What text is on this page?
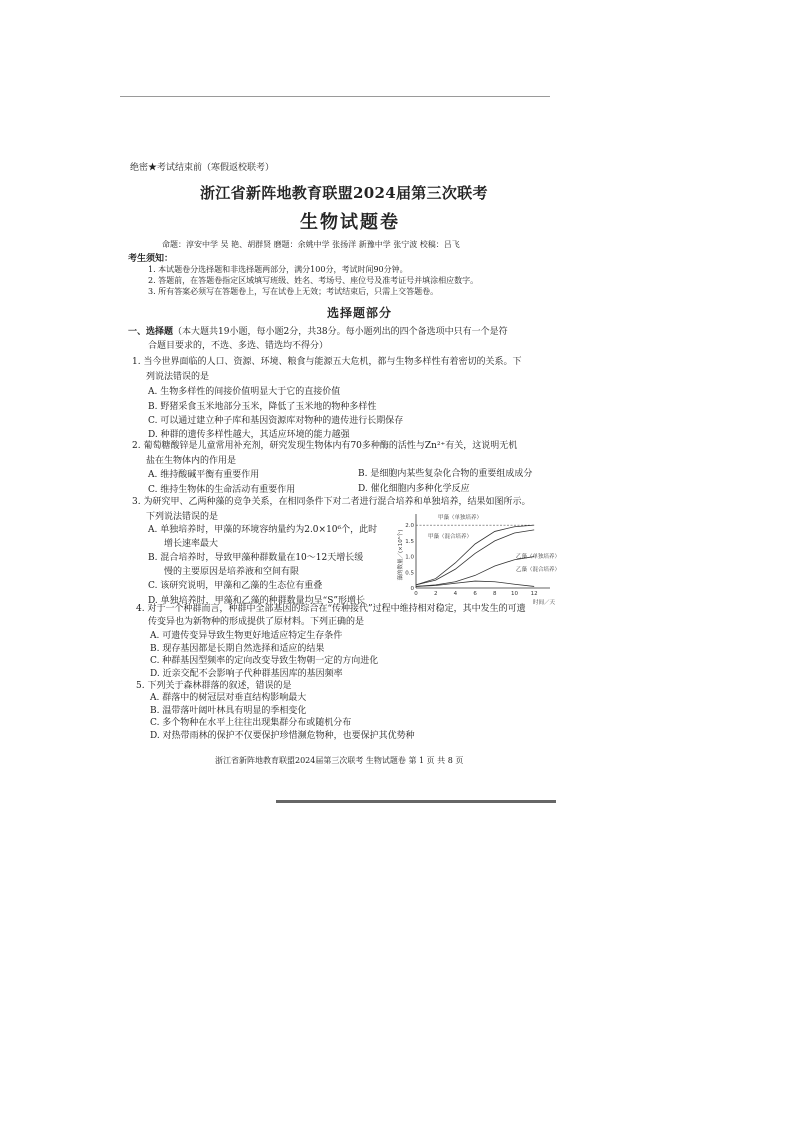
绝密★考试结束前（寒假返校联考）
浙江省新阵地教育联盟2024届第三次联考
生物试题卷
命题：淳安中学 吴 艳、胡群贤 磨题：余姚中学 张扬洋 新豫中学 张宁波 校稿：吕飞
考生须知：
1. 本试题卷分选择题和非选择题两部分，满分100分，考试时间90分钟。
2. 答题前，在答题卷指定区域填写班级、姓名、考场号、座位号及准考证号并填涂相应数字。
3. 所有答案必须写在答题卷上，写在试卷上无效；考试结束后，只需上交答题卷。
选择题部分
一、选择题（本大题共19小题，每小题2分，共38分。每小题列出的四个备选项中只有一个是符
合题目要求的，不选、多选、错选均不得分）
1. 当今世界面临的人口、资源、环境、粮食与能源五大危机，都与生物多样性有着密切的关系。下
列说法错误的是
A. 生物多样性的间接价值明显大于它的直接价值
B. 野猪采食玉米地部分玉米，降低了玉米地的物种多样性
C. 可以通过建立种子库和基因资源库对物种的遗传进行长期保存
D. 种群的遗传多样性越大，其适应环境的能力越强
2. 葡萄糖酸锌是儿童常用补充剂，研究发现生物体内有70多种酶的活性与Zn²⁺有关，这说明无机
盐在生物体内的作用是
A. 维持酸碱平衡有重要作用	B. 是细胞内某些复杂化合物的重要组成成分
C. 维持生物体的生命活动有重要作用	D. 催化细胞内多种化学反应
3. 为研究甲、乙两种藻的竞争关系，在相同条件下对二者进行混合培养和单独培养，结果如图所示。
下列说法错误的是
A. 单独培养时，甲藻的环境容纳量约为2.0×10⁶个，此时
增长速率最大
B. 混合培养时，导致甲藻种群数量在10～12天增长缓
慢的主要原因是培养液和空间有限
C. 该研究说明，甲藻和乙藻的生态位有重叠
D. 单独培养时，甲藻和乙藻的种群数量均呈“S”形增长
0	2	4	6	8	10 12
0
0.5
1.0
1.5
2.0
甲藻（单独培养）
甲藻（混合培养）
乙藻（单独培养）
乙藻（混合培养）
时间／天
藻的数量／(×10⁶个)
4. 对于一个种群而言，种群中全部基因的综合在“传种接代”过程中维持相对稳定，其中发生的可遗
传变异也为新物种的形成提供了原材料。下列正确的是
A. 可遗传变异导致生物更好地适应特定生存条件
B. 现存基因都是长期自然选择和适应的结果
C. 种群基因型频率的定向改变导致生物朝一定的方向进化
D. 近亲交配不会影响子代种群基因库的基因频率
5. 下列关于森林群落的叙述，错误的是
A. 群落中的树冠层对垂直结构影响最大
B. 温带落叶阔叶林具有明显的季相变化
C. 多个物种在水平上往往出现集群分布或随机分布
D. 对热带雨林的保护不仅要保护珍惜濒危物种，也要保护其优势种
浙江省新阵地教育联盟2024届第三次联考 生物试题卷 第 1 页 共 8 页
